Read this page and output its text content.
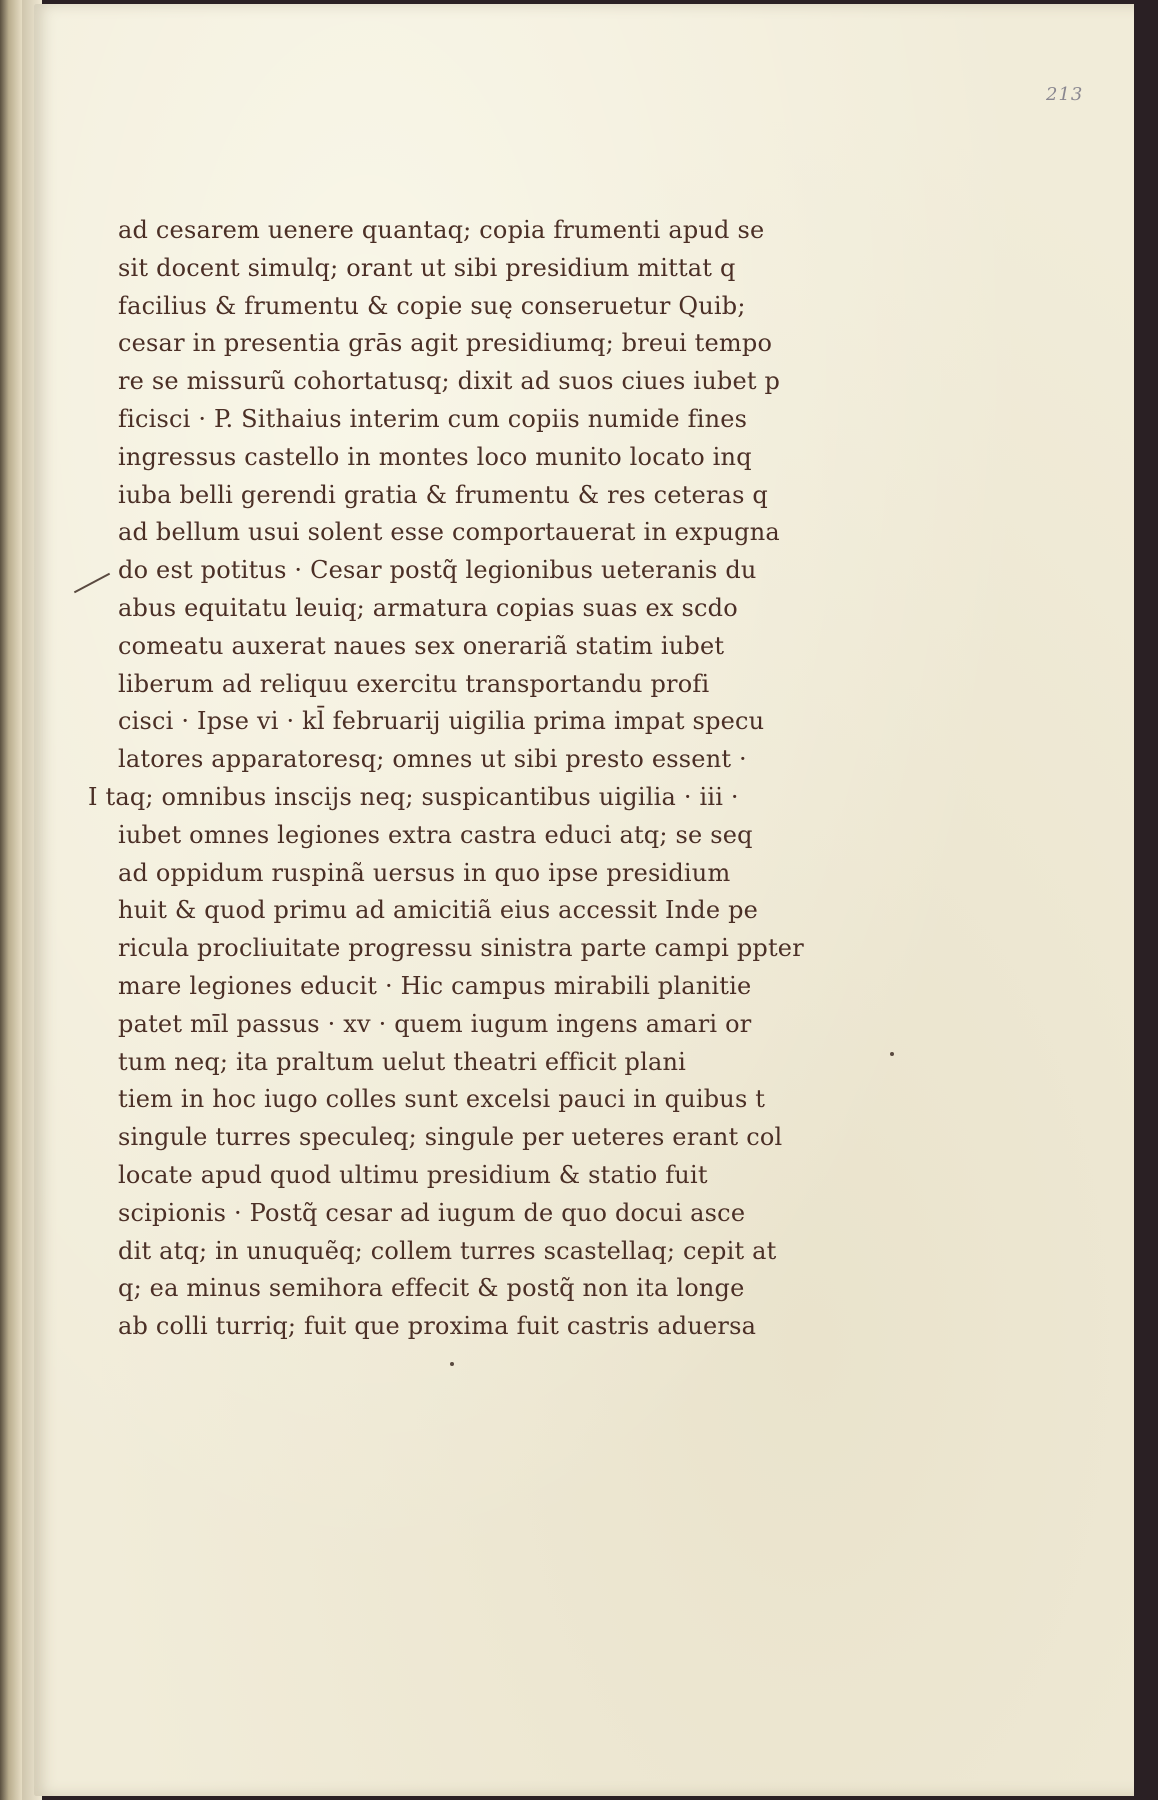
213
ad cesarem uenere quantaq; copia frumenti apud se
sit docent simulq; orant ut sibi presidium mittat q
facilius & frumentu & copie suę conseruetur Quib;
cesar in presentia grās agit presidiumq; breui tempo
re se missurũ cohortatusq; dixit ad suos ciues iubet p
ficisci · P. Sithaius interim cum copiis numide fines
ingressus castello in montes loco munito locato inq
iuba belli gerendi gratia & frumentu & res ceteras q
ad bellum usui solent esse comportauerat in expugna
do est potitus · Cesar postq̃ legionibus ueteranis du
abus equitatu leuiq; armatura copias suas ex scdo
comeatu auxerat naues sex onerariã statim iubet
liberum ad reliquu exercitu transportandu profi
cisci · Ipse vi · kl̄ februarij uigilia prima impat specu
latores apparatoresq; omnes ut sibi presto essent ·
I taq; omnibus inscijs neq; suspicantibus uigilia · iii ·
iubet omnes legiones extra castra educi atq; se seq
ad oppidum ruspinã uersus in quo ipse presidium
huit & quod primu ad amicitiã eius accessit Inde pe
ricula procliuitate progressu sinistra parte campi ppter
mare legiones educit · Hic campus mirabili planitie
patet mīl passus · xv · quem iugum ingens amari or
tum neq; ita praltum uelut theatri efficit plani
tiem in hoc iugo colles sunt excelsi pauci in quibus t
singule turres speculeq; singule per ueteres erant col
locate apud quod ultimu presidium & statio fuit
scipionis · Postq̃ cesar ad iugum de quo docui asce
dit atq; in unuquẽq; collem turres scastellaq; cepit at
q; ea minus semihora effecit & postq̃ non ita longe
ab colli turriq; fuit que proxima fuit castris aduersa
